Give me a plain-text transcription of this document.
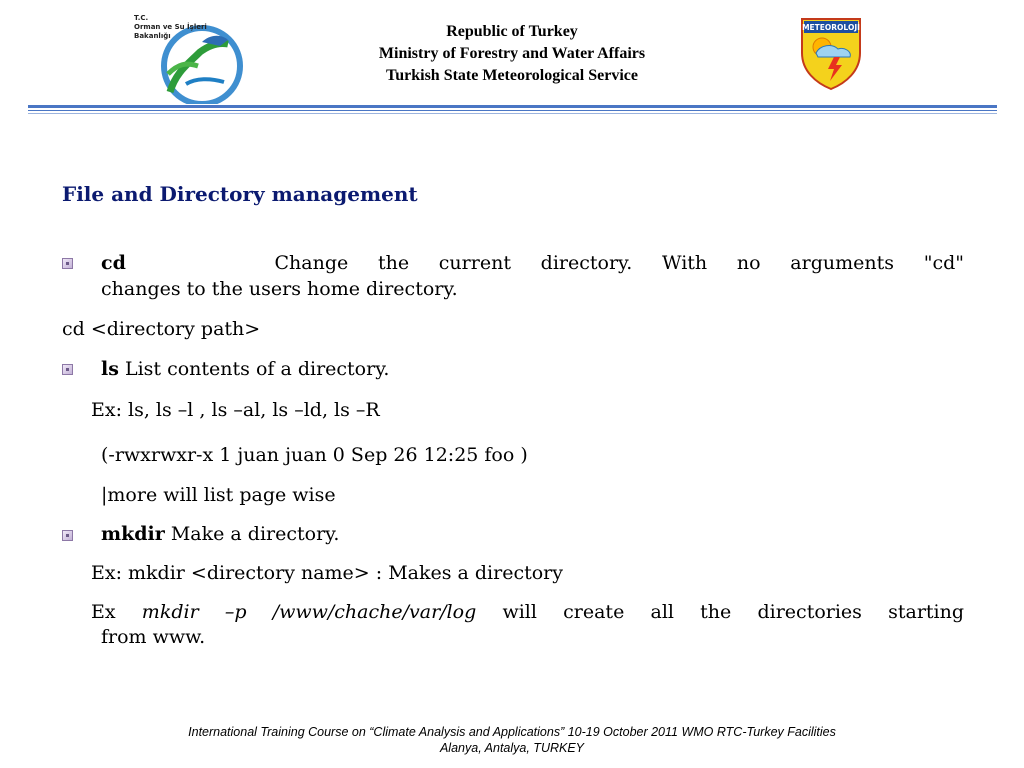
T.C.
Orman ve Su İşleri
Bakanlığı	Republic of Turkey
Ministry of Forestry and Water Affairs
Turkish State Meteorological Service
METEOROLOJİ
File and Directory management
cd	Change the current directory. With no arguments "cd"
changes to the users home directory.
cd <directory path>
ls List contents of a directory.
Ex: ls, ls –l , ls –al, ls –ld, ls –R
(-rwxrwxr-x 1 juan juan 0 Sep 26 12:25 foo )
|more will list page wise
mkdir Make a directory.
Ex: mkdir <directory name> : Makes a directory
Ex mkdir –p /www/chache/var/log will create all the directories starting
from www.
International Training Course on “Climate Analysis and Applications” 10-19 October 2011 WMO RTC-Turkey Facilities
Alanya, Antalya, TURKEY
